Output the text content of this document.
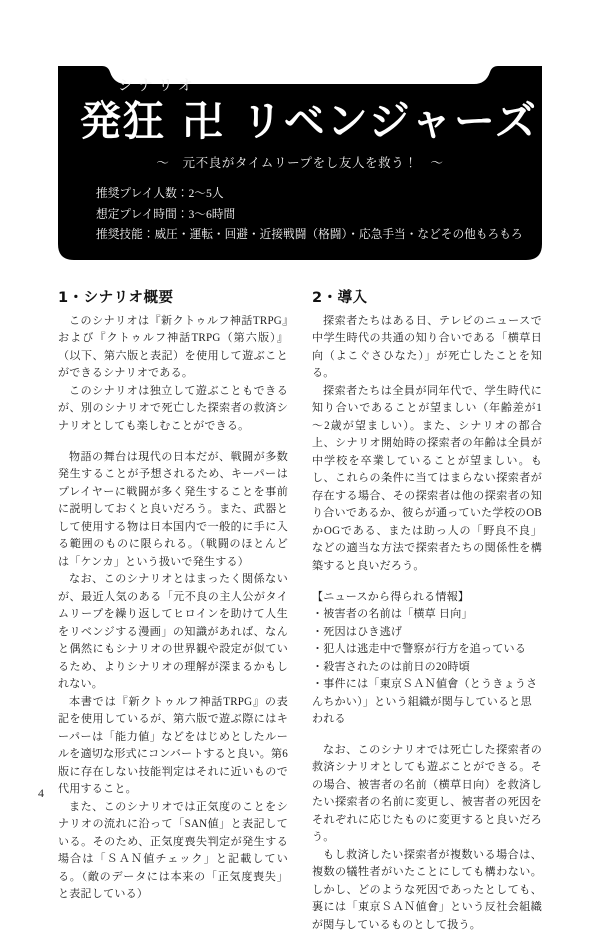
シナリオ
発狂 卍 リベンジャーズ
～　元不良がタイムリープをし友人を救う！　～
推奨プレイ人数：2～5人
想定プレイ時間：3～6時間
推奨技能：威圧・運転・回避・近接戦闘（格闘）・応急手当・などその他もろもろ
1・シナリオ概要

このシナリオは『新クトゥルフ神話TRPG』および『クトゥルフ神話TRPG（第六版）』（以下、第六版と表記）を使用して遊ぶことができるシナリオである。

このシナリオは独立して遊ぶこともできるが、別のシナリオで死亡した探索者の救済シナリオとしても楽しむことができる。

物語の舞台は現代の日本だが、戦闘が多数発生することが予想されるため、キーパーはプレイヤーに戦闘が多く発生することを事前に説明しておくと良いだろう。また、武器として使用する物は日本国内で一般的に手に入る範囲のものに限られる。（戦闘のほとんどは「ケンカ」という扱いで発生する）

なお、このシナリオとはまったく関係ないが、最近人気のある「元不良の主人公がタイムリープを繰り返してヒロインを助けて人生をリベンジする漫画」の知識があれば、なんと偶然にもシナリオの世界観や設定が似ているため、よりシナリオの理解が深まるかもしれない。

本書では『新クトゥルフ神話TRPG』の表記を使用しているが、第六版で遊ぶ際にはキーパーは「能力値」などをはじめとしたルールを適切な形式にコンバートすると良い。第6版に存在しない技能判定はそれに近いもので代用すること。

また、このシナリオでは正気度のことをシナリオの流れに沿って「SAN値」と表記している。そのため、正気度喪失判定が発生する場合は「ＳＡＮ値チェック」と記載している。（敵のデータには本来の「正気度喪失」と表記している）

2・導入

探索者たちはある日、テレビのニュースで中学生時代の共通の知り合いである「横草日向（よこぐさひなた）」が死亡したことを知る。

探索者たちは全員が同年代で、学生時代に知り合いであることが望ましい（年齢差が1～2歳が望ましい）。また、シナリオの都合上、シナリオ開始時の探索者の年齢は全員が中学校を卒業していることが望ましい。もし、これらの条件に当てはまらない探索者が存在する場合、その探索者は他の探索者の知り合いであるか、彼らが通っていた学校のOBかOGである、または助っ人の「野良不良」などの適当な方法で探索者たちの関係性を構築すると良いだろう。

【ニュースから得られる情報】

・被害者の名前は「横草 日向」
・死因はひき逃げ
・犯人は逃走中で警察が行方を追っている
・殺害されたのは前日の20時頃
・事件には「東京ＳＡＮ値會（とうきょうさんちかい）」という組織が関与していると思われる

なお、このシナリオでは死亡した探索者の救済シナリオとしても遊ぶことができる。その場合、被害者の名前（横草日向）を救済したい探索者の名前に変更し、被害者の死因をそれぞれに応じたものに変更すると良いだろう。

もし救済したい探索者が複数いる場合は、複数の犠牲者がいたことにしても構わない。しかし、どのような死因であったとしても、裏には「東京ＳＡＮ値會」という反社会組織が関与しているものとして扱う。

4
